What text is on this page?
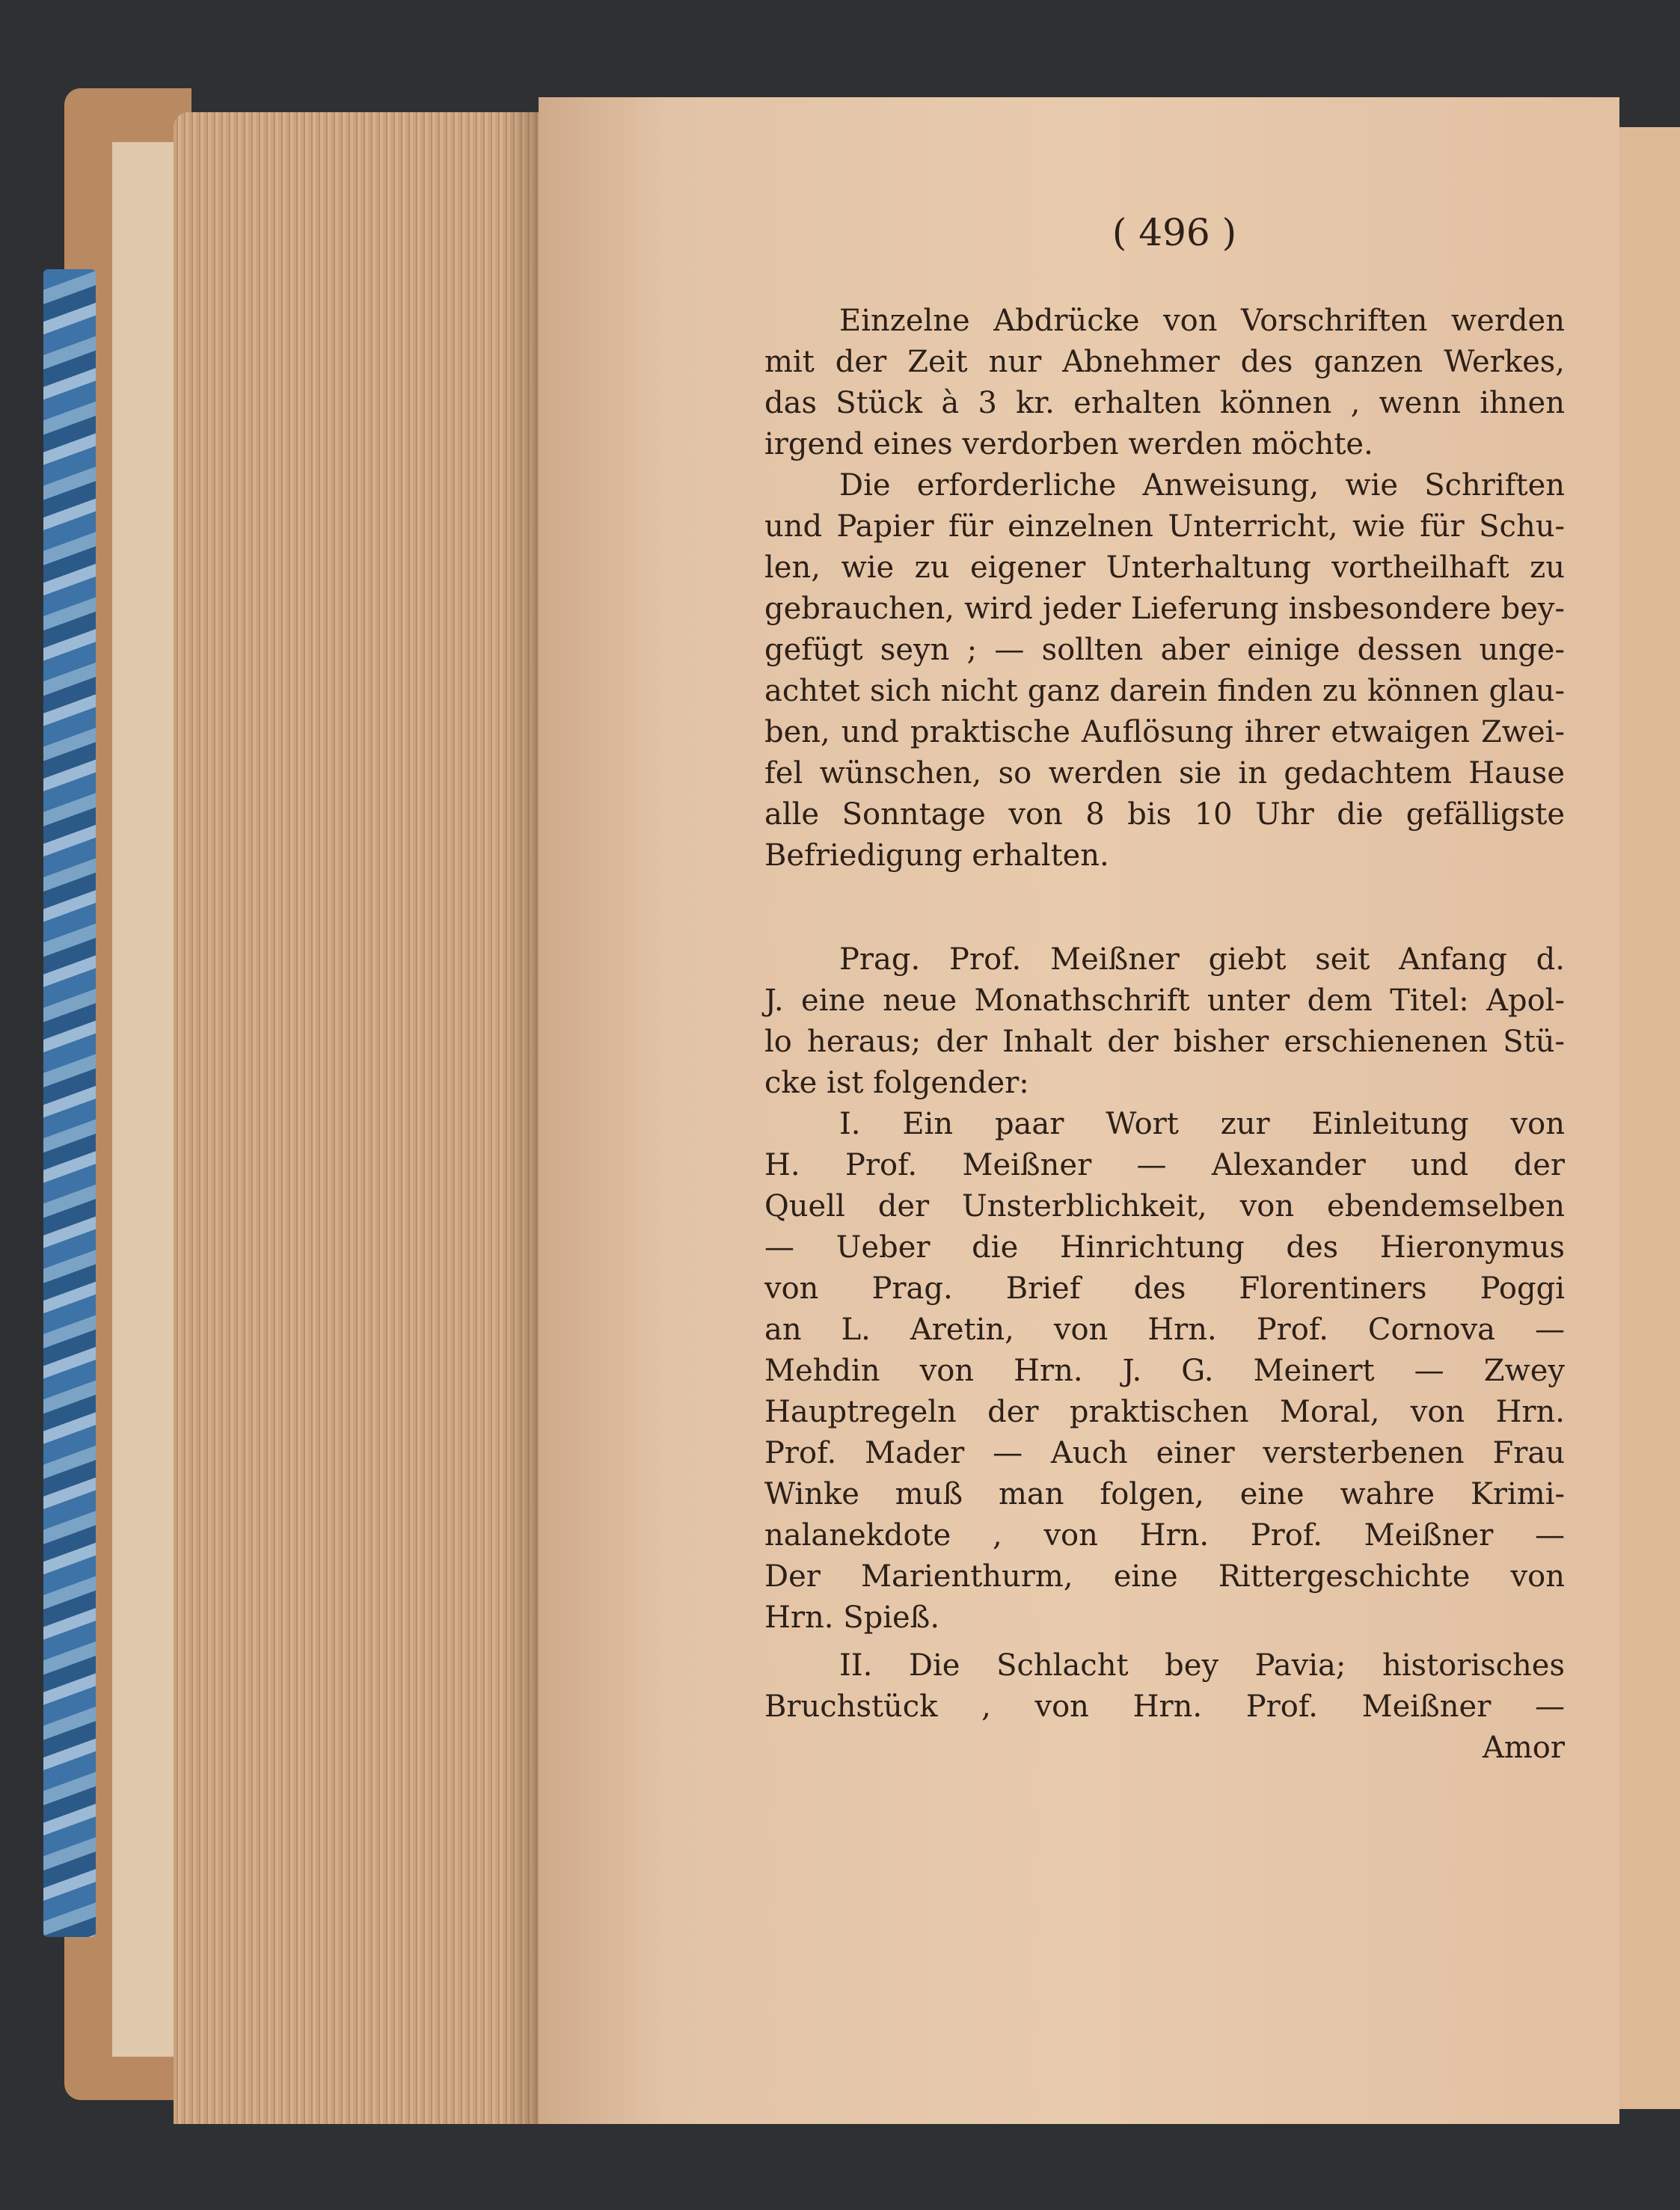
( 496 )
Einzelne Abdrücke von Vorschriften werden
mit der Zeit nur Abnehmer des ganzen Werkes,
das Stück à 3 kr. erhalten können , wenn ihnen
irgend eines verdorben werden möchte.
Die erforderliche Anweisung, wie Schriften
und Papier für einzelnen Unterricht, wie für Schu-
len, wie zu eigener Unterhaltung vortheilhaft zu
gebrauchen, wird jeder Lieferung insbesondere bey-
gefügt seyn ; — sollten aber einige dessen unge-
achtet sich nicht ganz darein finden zu können glau-
ben, und praktische Auflösung ihrer etwaigen Zwei-
fel wünschen, so werden sie in gedachtem Hause
alle Sonntage von 8 bis 10 Uhr die gefälligste
Befriedigung erhalten.
Prag. Prof. Meißner giebt seit Anfang d.
J. eine neue Monathschrift unter dem Titel: Apol-
lo heraus; der Inhalt der bisher erschienenen Stü-
cke ist folgender:
I. Ein paar Wort zur Einleitung von
H. Prof. Meißner — Alexander und der
Quell der Unsterblichkeit, von ebendemselben
— Ueber die Hinrichtung des Hieronymus
von Prag. Brief des Florentiners Poggi
an L. Aretin, von Hrn. Prof. Cornova —
Mehdin von Hrn. J. G. Meinert — Zwey
Hauptregeln der praktischen Moral, von Hrn.
Prof. Mader — Auch einer versterbenen Frau
Winke muß man folgen, eine wahre Krimi-
nalanekdote , von Hrn. Prof. Meißner —
Der Marienthurm, eine Rittergeschichte von
Hrn. Spieß.
II. Die Schlacht bey Pavia; historisches
Bruchstück , von Hrn. Prof. Meißner —
Amor
